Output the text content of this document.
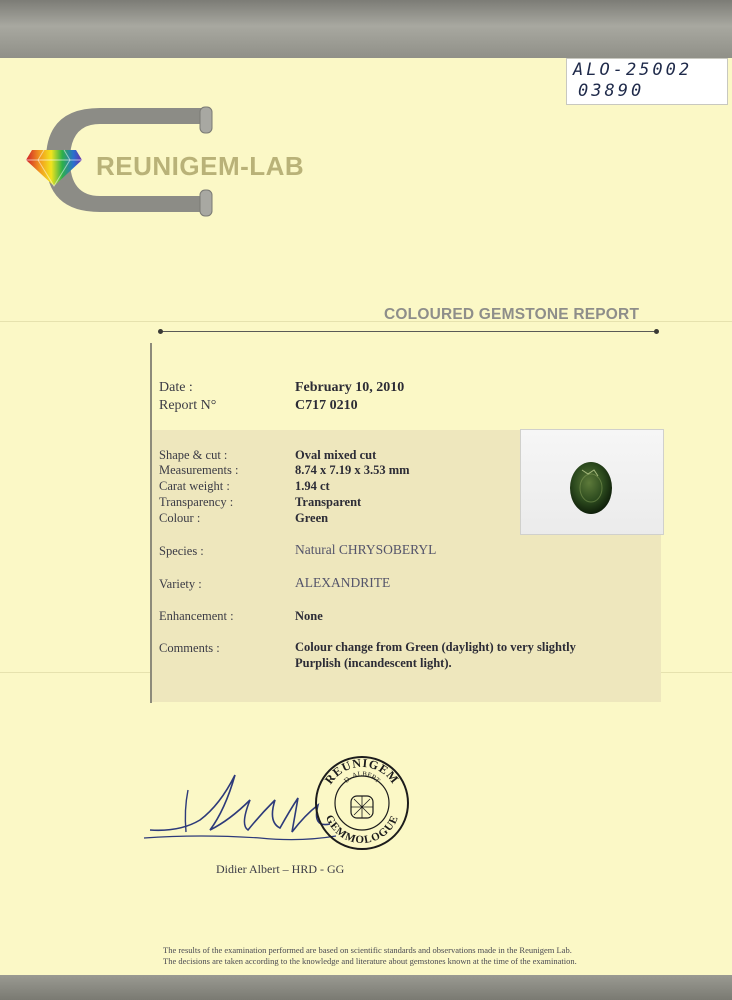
ALO-25002
03890
REUNIGEM-LAB
COLOURED GEMSTONE REPORT
Date :	February 10, 2010
Report N°	C717 0210
Shape & cut :	Oval mixed cut
Measurements :	8.74 x 7.19 x 3.53 mm
Carat weight :	1.94 ct
Transparency :	Transparent
Colour :	Green
Species :	Natural CHRYSOBERYL
Variety :	ALEXANDRITE
Enhancement :	None
Comments :	Colour change from Green (daylight) to very slightly
Purplish (incandescent light).
REUNIGEM
GEMMOLOGUE
D. ALBERT
Didier Albert – HRD - GG
The results of the examination performed are based on scientific standards and observations made in the Reunigem Lab.
The decisions are taken according to the knowledge and literature about gemstones known at the time of the examination.
